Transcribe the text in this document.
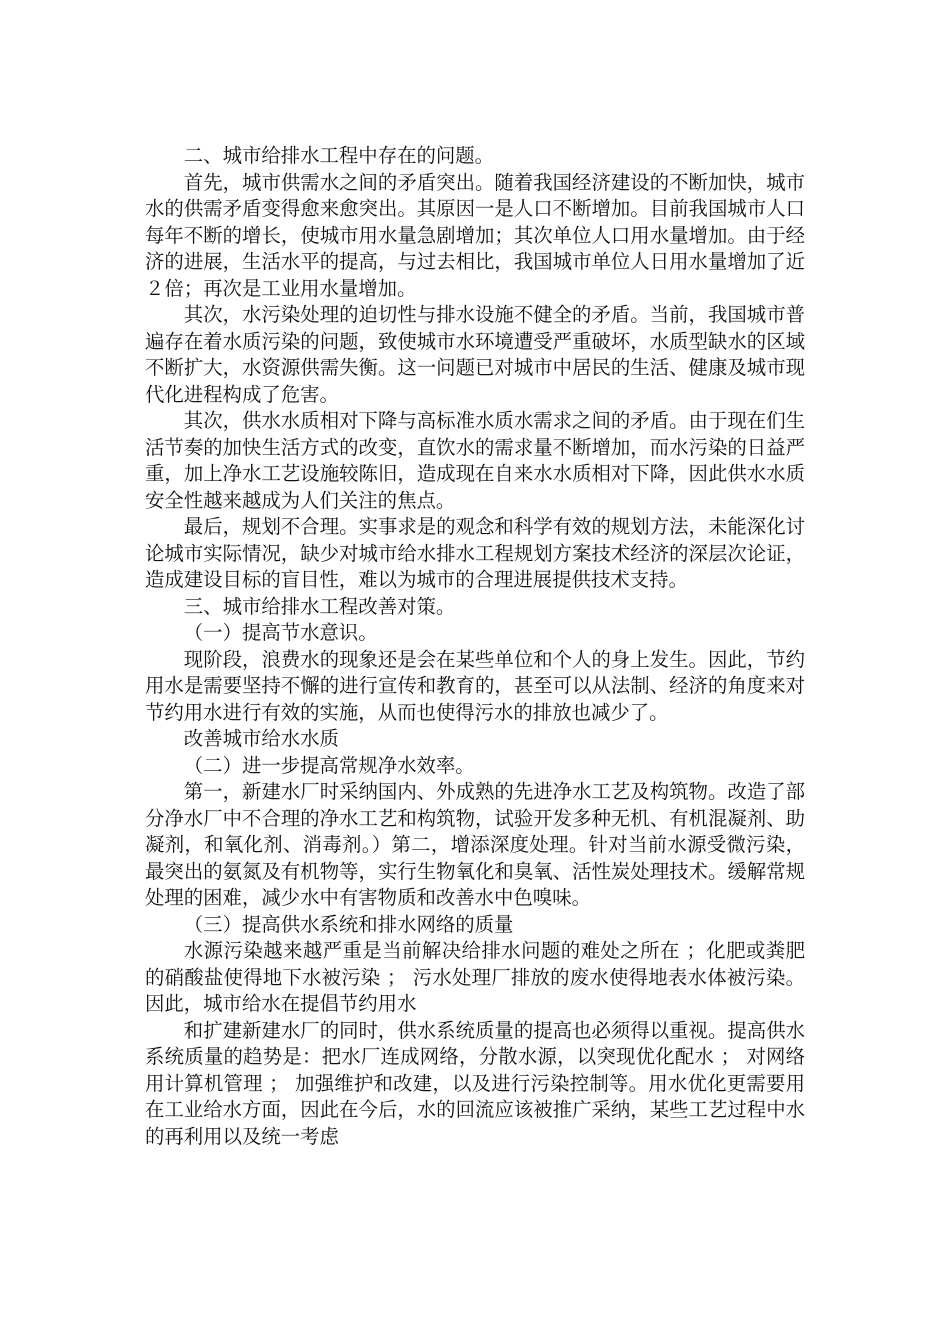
二、城市给排水工程中存在的问题。

首先，城市供需水之间的矛盾突出。随着我国经济建设的不断加快，城市水的供需矛盾变得愈来愈突出。其原因一是人口不断增加。目前我国城市人口每年不断的增长，使城市用水量急剧增加；其次单位人口用水量增加。由于经济的进展，生活水平的提高，与过去相比，我国城市单位人日用水量增加了近２倍；再次是工业用水量增加。

其次，水污染处理的迫切性与排水设施不健全的矛盾。当前，我国城市普遍存在着水质污染的问题，致使城市水环境遭受严重破坏，水质型缺水的区域不断扩大，水资源供需失衡。这一问题已对城市中居民的生活、健康及城市现代化进程构成了危害。

其次，供水水质相对下降与高标准水质水需求之间的矛盾。由于现在们生活节奏的加快生活方式的改变，直饮水的需求量不断增加，而水污染的日益严重，加上净水工艺设施较陈旧，造成现在自来水水质相对下降，因此供水水质安全性越来越成为人们关注的焦点。

最后，规划不合理。实事求是的观念和科学有效的规划方法，未能深化讨论城市实际情况，缺少对城市给水排水工程规划方案技术经济的深层次论证，造成建设目标的盲目性，难以为城市的合理进展提供技术支持。

三、城市给排水工程改善对策。

（一）提高节水意识。

现阶段，浪费水的现象还是会在某些单位和个人的身上发生。因此，节约用水是需要坚持不懈的进行宣传和教育的，甚至可以从法制、经济的角度来对节约用水进行有效的实施，从而也使得污水的排放也减少了。

改善城市给水水质

（二）进一步提高常规净水效率。

第一，新建水厂时采纳国内、外成熟的先进净水工艺及构筑物。改造了部分净水厂中不合理的净水工艺和构筑物，试验开发多种无机、有机混凝剂、助凝剂，和氧化剂、消毒剂。）第二，增添深度处理。针对当前水源受微污染，最突出的氨氮及有机物等，实行生物氧化和臭氧、活性炭处理技术。缓解常规处理的困难，减少水中有害物质和改善水中色嗅味。

（三）提高供水系统和排水网络的质量

水源污染越来越严重是当前解决给排水问题的难处之所在 ；化肥或粪肥的硝酸盐使得地下水被污染 ； 污水处理厂排放的废水使得地表水体被污染。因此，城市给水在提倡节约用水

和扩建新建水厂的同时，供水系统质量的提高也必须得以重视。提高供水系统质量的趋势是：把水厂连成网络，分散水源，以突现优化配水 ； 对网络用计算机管理 ； 加强维护和改建，以及进行污染控制等。用水优化更需要用在工业给水方面，因此在今后，水的回流应该被推广采纳，某些工艺过程中水的再利用以及统一考虑
